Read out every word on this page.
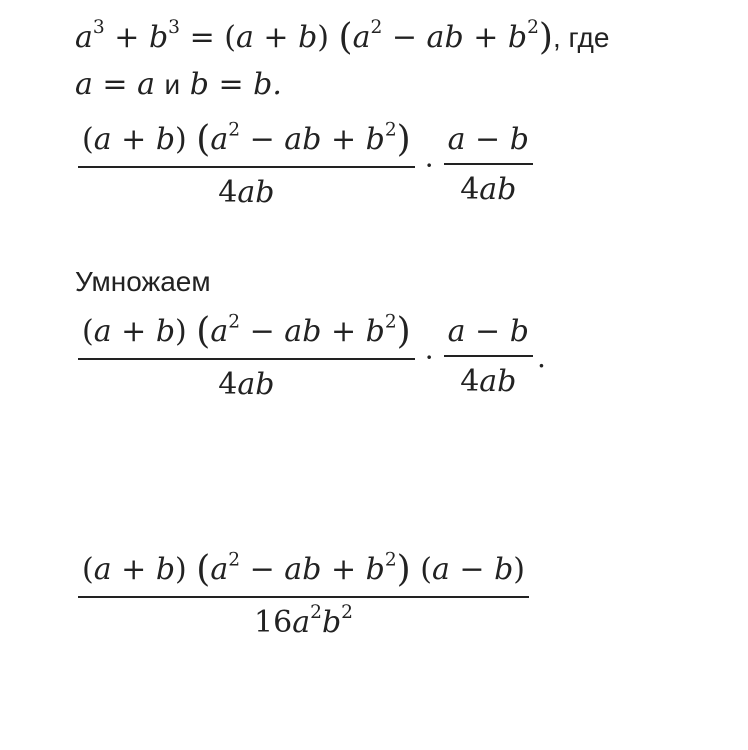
$a^3 + b^3 = (a + b) (a^2$ − ab + $b^2$), где
a = a и b = b.
$\frac{(a + b) (a^2 - ab + b^2)}{4ab} \cdot \frac{a - b}{4ab}$
Умножаем
$\frac{(a + b) (a^2 - ab + b^2)}{4ab} \cdot \frac{a - b}{4ab}$ .
$\frac{(a + b) (a^2 - ab + b^2) (a - b)}{16a^2b^2}$
